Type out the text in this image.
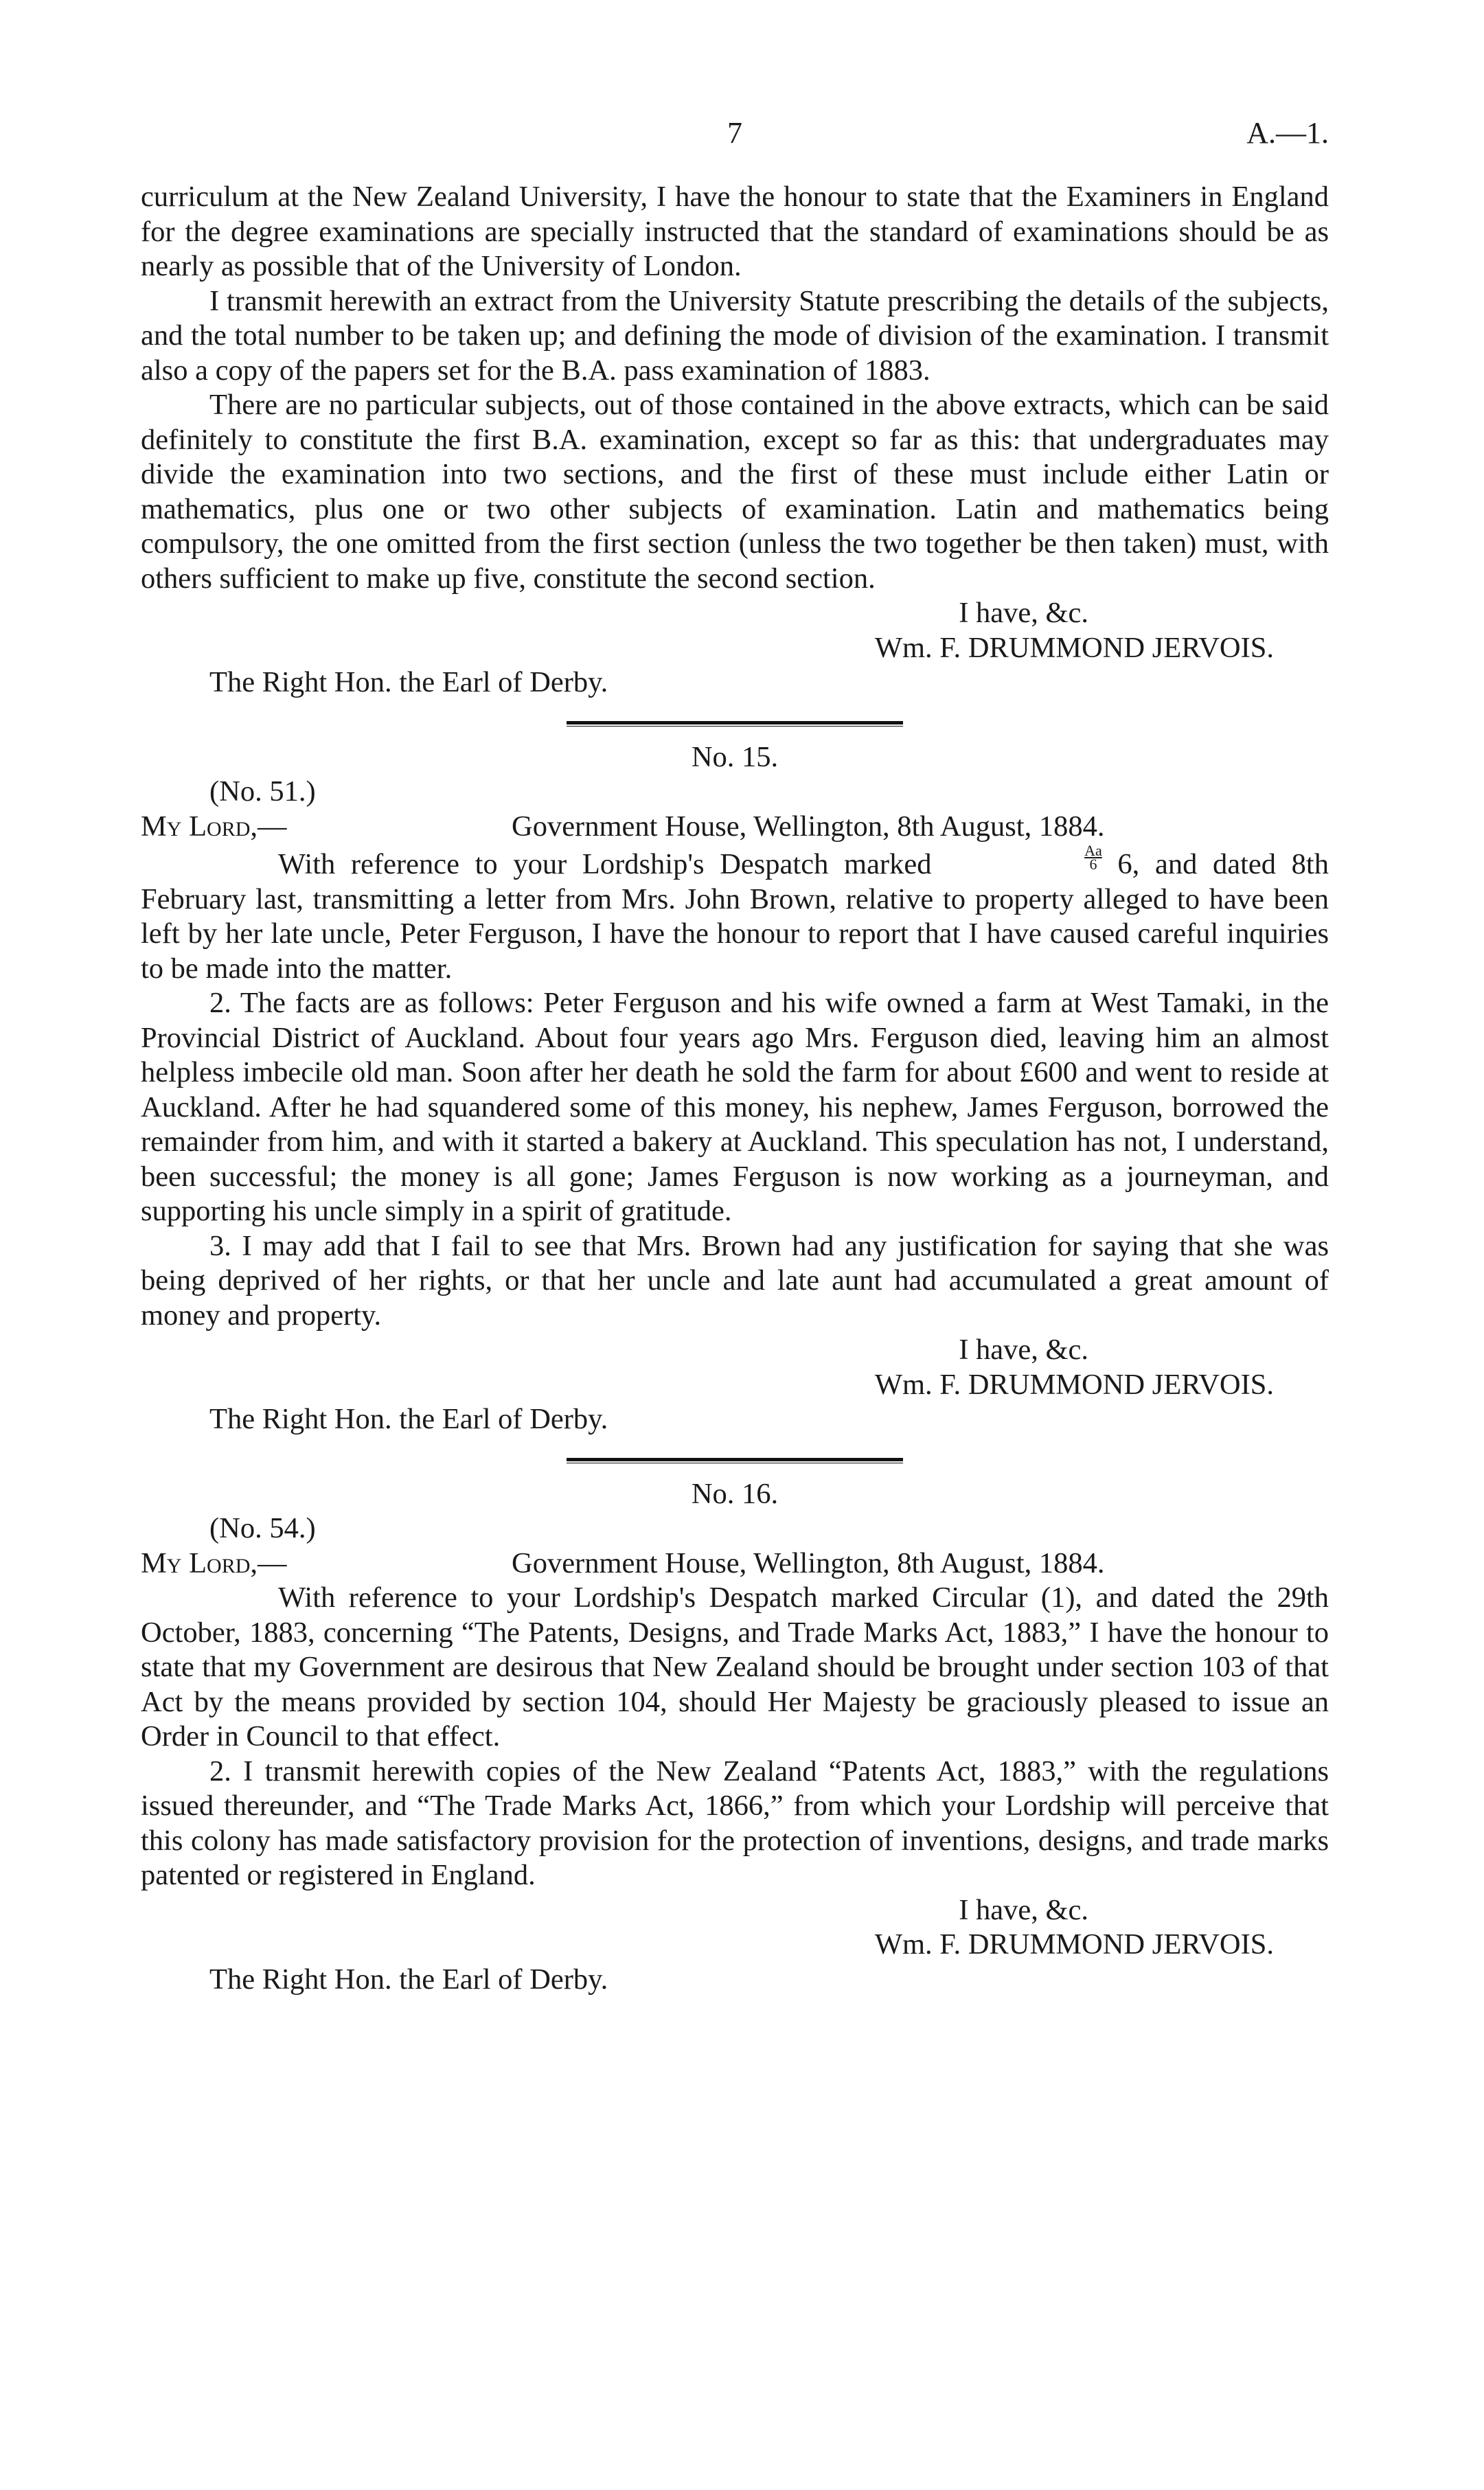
7	A.—1.

curriculum at the New Zealand University, I have the honour to state that the Examiners in England for the degree examinations are specially instructed that the standard of examinations should be as nearly as possible that of the University of London.

I transmit herewith an extract from the University Statute prescribing the details of the subjects, and the total number to be taken up; and defining the mode of division of the examination. I transmit also a copy of the papers set for the B.A. pass examination of 1883.

There are no particular subjects, out of those contained in the above extracts, which can be said definitely to constitute the first B.A. examination, except so far as this: that undergraduates may divide the examination into two sections, and the first of these must include either Latin or mathematics, plus one or two other subjects of examination. Latin and mathematics being compulsory, the one omitted from the first section (unless the two together be then taken) must, with others sufficient to make up five, constitute the second section.

I have, &c.

Wm. F. DRUMMOND JERVOIS.

The Right Hon. the Earl of Derby.

No. 15.

(No. 51.)

My Lord,—	Government House, Wellington, 8th August, 1884.

With reference to your Lordship's Despatch marked $\frac{Aa}{6} 6$, and dated 8th February last, transmitting a letter from Mrs. John Brown, relative to property alleged to have been left by her late uncle, Peter Ferguson, I have the honour to report that I have caused careful inquiries to be made into the matter.

2. The facts are as follows: Peter Ferguson and his wife owned a farm at West Tamaki, in the Provincial District of Auckland. About four years ago Mrs. Ferguson died, leaving him an almost helpless imbecile old man. Soon after her death he sold the farm for about £600 and went to reside at Auckland. After he had squandered some of this money, his nephew, James Ferguson, borrowed the remainder from him, and with it started a bakery at Auckland. This speculation has not, I understand, been successful; the money is all gone; James Ferguson is now working as a journeyman, and supporting his uncle simply in a spirit of gratitude.

3. I may add that I fail to see that Mrs. Brown had any justification for saying that she was being deprived of her rights, or that her uncle and late aunt had accumulated a great amount of money and property.

I have, &c.

Wm. F. DRUMMOND JERVOIS.

The Right Hon. the Earl of Derby.

No. 16.

(No. 54.)

My Lord,—	Government House, Wellington, 8th August, 1884.

With reference to your Lordship's Despatch marked Circular (1), and dated the 29th October, 1883, concerning “The Patents, Designs, and Trade Marks Act, 1883,” I have the honour to state that my Government are desirous that New Zealand should be brought under section 103 of that Act by the means provided by section 104, should Her Majesty be graciously pleased to issue an Order in Council to that effect.

2. I transmit herewith copies of the New Zealand “Patents Act, 1883,” with the regulations issued thereunder, and “The Trade Marks Act, 1866,” from which your Lordship will perceive that this colony has made satisfactory provision for the protection of inventions, designs, and trade marks patented or registered in England.

I have, &c.

Wm. F. DRUMMOND JERVOIS.

The Right Hon. the Earl of Derby.
